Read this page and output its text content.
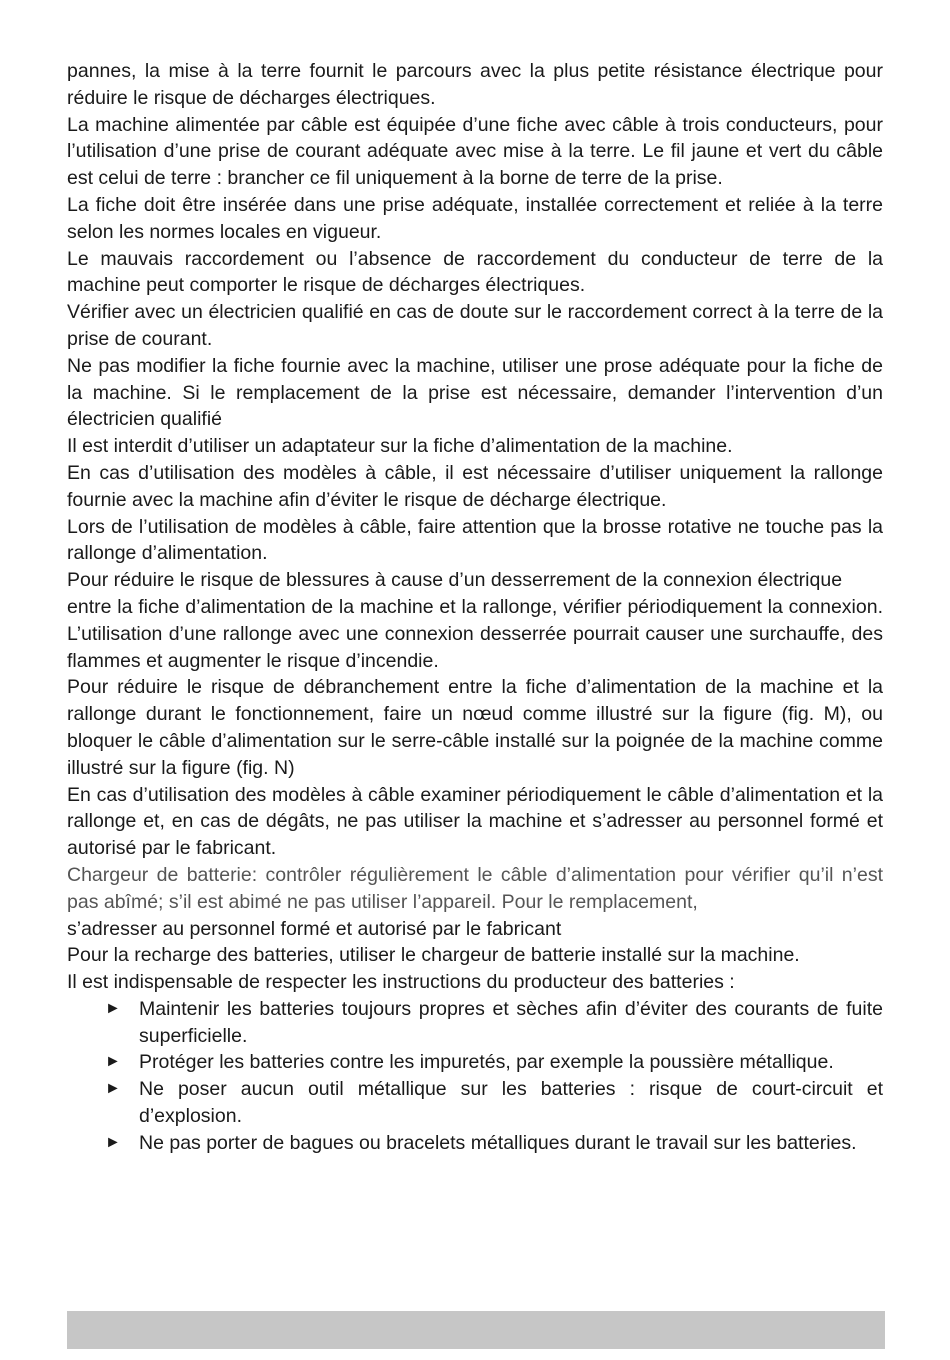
pannes, la mise à la terre fournit le parcours avec la plus petite résistance électrique pour réduire le risque de décharges électriques.

La machine alimentée par câble est équipée d’une fiche avec câble à trois conducteurs, pour l’utilisation d’une prise de courant adéquate avec mise à la terre. Le fil jaune et vert du câble est celui de terre : brancher ce fil uniquement à la borne de terre de la prise.

La fiche doit être insérée dans une prise adéquate, installée correctement et reliée à la terre selon les normes locales en vigueur.

Le mauvais raccordement ou l’absence de raccordement du conducteur de terre de la machine peut comporter le risque de décharges électriques.

Vérifier avec un électricien qualifié en cas de doute sur le raccordement correct à la terre de la prise de courant.

Ne pas modifier la fiche fournie avec la machine, utiliser une prose adéquate pour la fiche de la machine. Si le remplacement de la prise est nécessaire, demander l’intervention d’un électricien qualifié

Il est interdit d’utiliser un adaptateur sur la fiche d’alimentation de la machine.

En cas d’utilisation des modèles à câble, il est nécessaire d’utiliser uniquement la rallonge fournie avec la machine afin d’éviter le risque de décharge électrique.

Lors de l’utilisation de modèles à câble, faire attention que la brosse rotative ne touche pas la rallonge d’alimentation.

Pour réduire le risque de blessures à cause d’un desserrement de la connexion électrique

entre la fiche d’alimentation de la machine et la rallonge, vérifier périodiquement la connexion. L’utilisation d’une rallonge avec une connexion desserrée pourrait causer une surchauffe, des flammes et augmenter le risque d’incendie.

Pour réduire le risque de débranchement entre la fiche d’alimentation de la machine et la rallonge durant le fonctionnement, faire un nœud comme illustré sur la figure (fig. M), ou bloquer le câble d’alimentation sur le serre-câble installé sur la poignée de la machine comme illustré sur la figure (fig. N)

En cas d’utilisation des modèles à câble examiner périodiquement le câble d’alimentation et la rallonge et, en cas de dégâts, ne pas utiliser la machine et s’adresser au personnel formé et autorisé par le fabricant.

Chargeur de batterie: contrôler régulièrement le câble d’alimentation pour vérifier qu’il n’est pas abîmé; s’il est abimé ne pas utiliser l’appareil. Pour le remplacement,

s’adresser au personnel formé et autorisé par le fabricant

Pour la recharge des batteries, utiliser le chargeur de batterie installé sur la machine.

Il est indispensable de respecter les instructions du producteur des batteries :

► Maintenir les batteries toujours propres et sèches afin d’éviter des courants de fuite superficielle.
► Protéger les batteries contre les impuretés, par exemple la poussière métallique.
► Ne poser aucun outil métallique sur les batteries : risque de court-circuit et d’explosion.
► Ne pas porter de bagues ou bracelets métalliques durant le travail sur les batteries.
